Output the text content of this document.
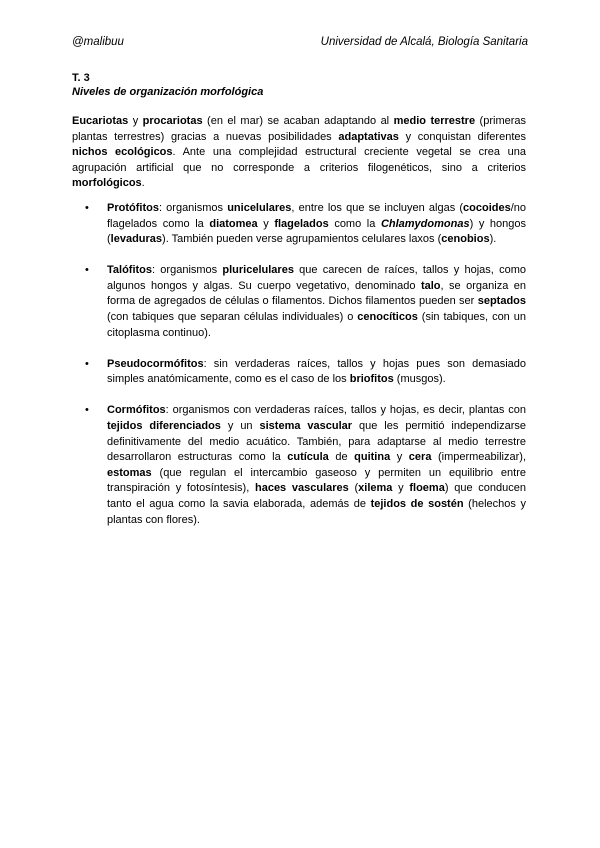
@malibuu	Universidad de Alcalá, Biología Sanitaria
T. 3
Niveles de organización morfológica

Eucariotas y procariotas (en el mar) se acaban adaptando al medio terrestre (primeras plantas terrestres) gracias a nuevas posibilidades adaptativas y conquistan diferentes nichos ecológicos. Ante una complejidad estructural creciente vegetal se crea una agrupación artificial que no corresponde a criterios filogenéticos, sino a criterios morfológicos.

• Protófitos: organismos unicelulares, entre los que se incluyen algas (cocoides/no flagelados como la diatomea y flagelados como la Chlamydomonas) y hongos (levaduras). También pueden verse agrupamientos celulares laxos (cenobios).
• Talófitos: organismos pluricelulares que carecen de raíces, tallos y hojas, como algunos hongos y algas. Su cuerpo vegetativo, denominado talo, se organiza en forma de agregados de células o filamentos. Dichos filamentos pueden ser septados (con tabiques que separan células individuales) o cenocíticos (sin tabiques, con un citoplasma continuo).
• Pseudocormófitos: sin verdaderas raíces, tallos y hojas pues son demasiado simples anatómicamente, como es el caso de los briofitos (musgos).
• Cormófitos: organismos con verdaderas raíces, tallos y hojas, es decir, plantas con tejidos diferenciados y un sistema vascular que les permitió independizarse definitivamente del medio acuático. También, para adaptarse al medio terrestre desarrollaron estructuras como la cutícula de quitina y cera (impermeabilizar), estomas (que regulan el intercambio gaseoso y permiten un equilibrio entre transpiración y fotosíntesis), haces vasculares (xilema y floema) que conducen tanto el agua como la savia elaborada, además de tejidos de sostén (helechos y plantas con flores).
